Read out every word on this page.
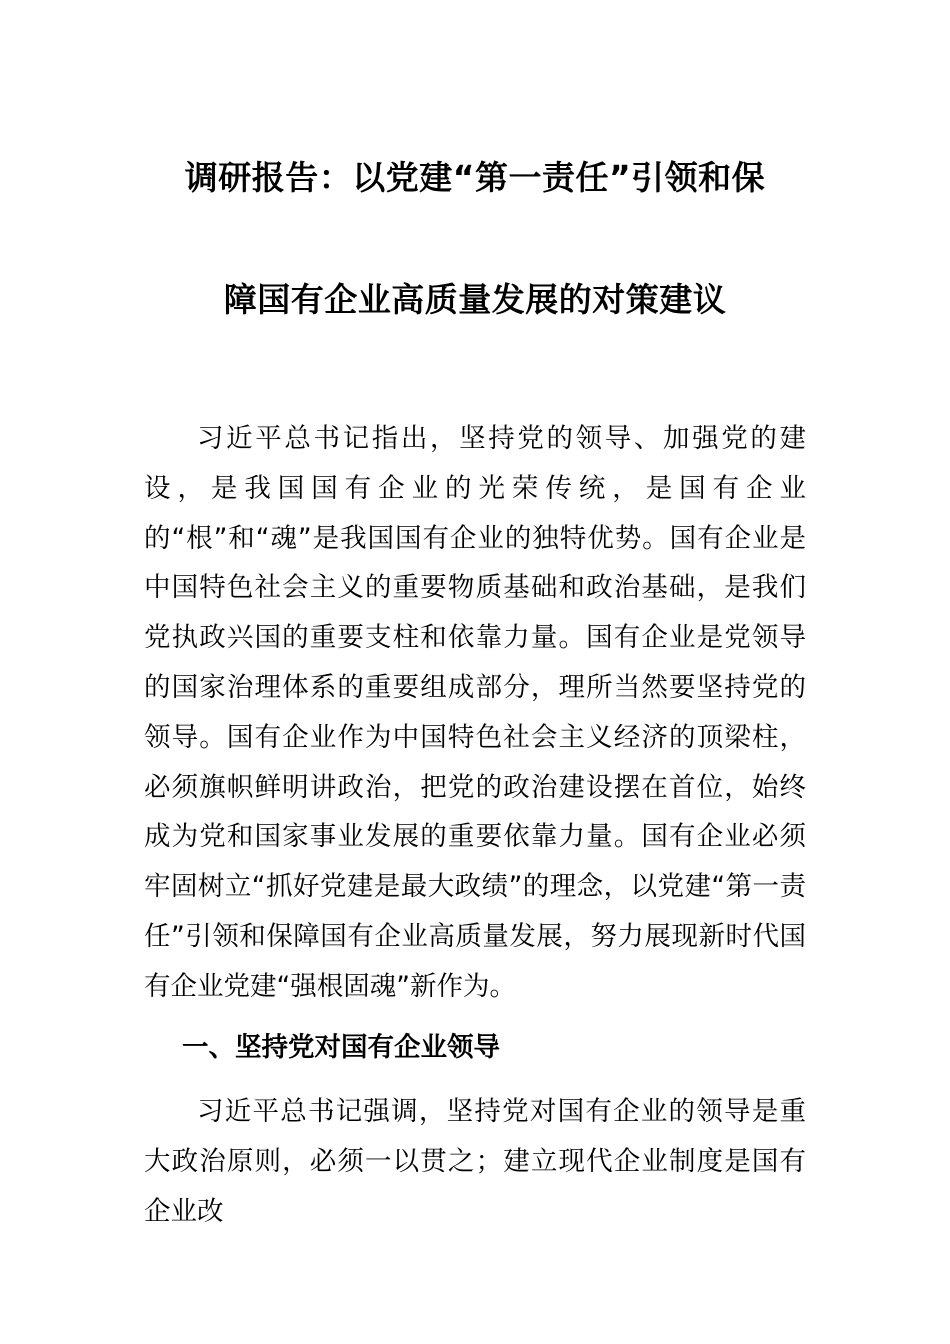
调研报告：以党建“第一责任”引领和保
障国有企业高质量发展的对策建议

习近平总书记指出，坚持党的领导、加强党的建设，是我国国有企业的光荣传统，是国有企业的“根”和“魂”是我国国有企业的独特优势。国有企业是中国特色社会主义的重要物质基础和政治基础，是我们党执政兴国的重要支柱和依靠力量。国有企业是党领导的国家治理体系的重要组成部分，理所当然要坚持党的领导。国有企业作为中国特色社会主义经济的顶梁柱，必须旗帜鲜明讲政治，把党的政治建设摆在首位，始终成为党和国家事业发展的重要依靠力量。国有企业必须牢固树立“抓好党建是最大政绩”的理念，以党建“第一责任”引领和保障国有企业高质量发展，努力展现新时代国有企业党建“强根固魂”新作为。

一、坚持党对国有企业领导

习近平总书记强调，坚持党对国有企业的领导是重大政治原则，必须一以贯之；建立现代企业制度是国有企业改
